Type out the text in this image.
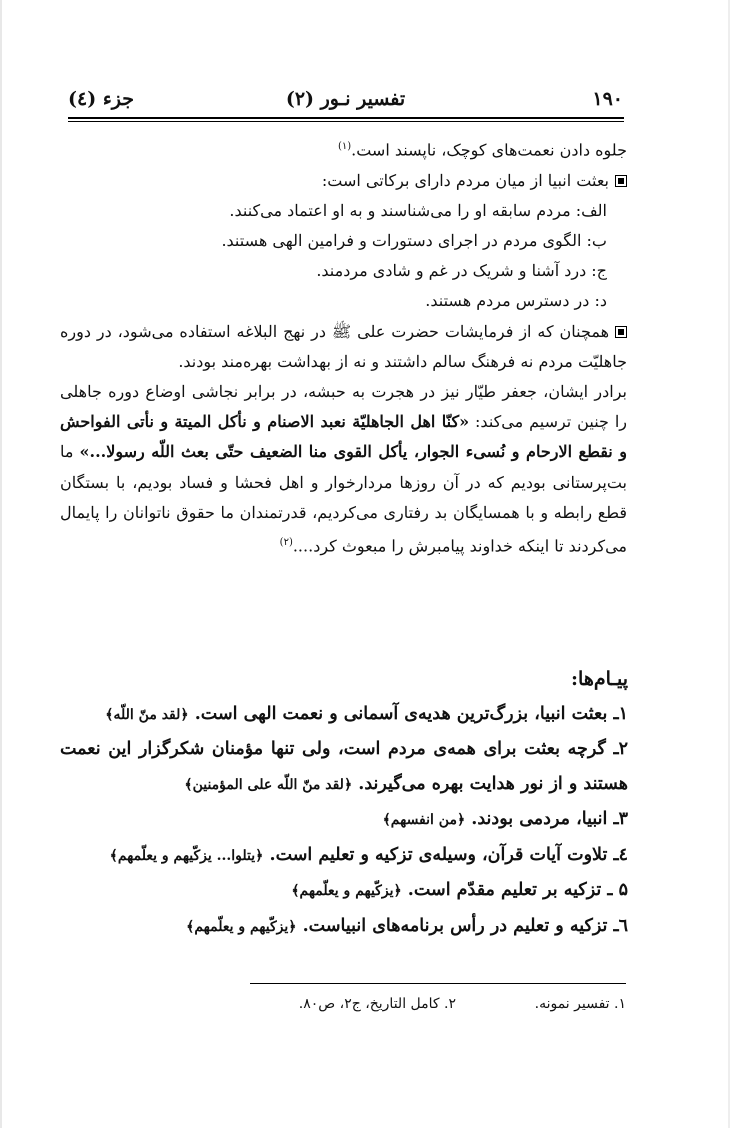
۱۹۰
تفسیر نـور (۲)
جزء (٤)

جلوه دادن نعمت‌های کوچک، ناپسند است.$^{(۱)}$

بعثت انبیا از میان مردم دارای برکاتی است:

الف: مردم سابقه او را می‌شناسند و به او اعتماد می‌کنند.

ب: الگوی مردم در اجرای دستورات و فرامین الهی هستند.

ج: درد آشنا و شریک در غم و شادی مردمند.

د: در دسترس مردم هستند.

همچنان که از فرمایشات حضرت علی ﷺ در نهج البلاغه استفاده می‌شود، در دوره جاهلیّت مردم نه فرهنگ سالم داشتند و نه از بهداشت بهره‌مند بودند.

برادر ایشان، جعفر طیّار نیز در هجرت به حبشه، در برابر نجاشی اوضاع دوره جاهلی را چنین ترسیم می‌کند: «کنّا اهل الجاهلیّة نعبد الاصنام و نأکل المیتة و نأتی الفواحش و نقطع الارحام و نُسیء الجوار، یأکل القوی منا الضعیف حتّی بعث اللّه رسولا...» ما بت‌پرستانی بودیم که در آن روزها مردارخوار و اهل فحشا و فساد بودیم، با بستگان قطع رابطه و با همسایگان بد رفتاری می‌کردیم، قدرتمندان ما حقوق ناتوانان را پایمال می‌کردند تا اینکه خداوند پیامبرش را مبعوث کرد....$^{(۲)}$

پیـام‌ها:

۱ـ بعثت انبیا، بزرگ‌ترین هدیه‌ی آسمانی و نعمت الهی است. ﴿لقد منّ اللّه﴾

۲ـ گرچه بعثت برای همه‌ی مردم است، ولی تنها مؤمنان شکرگزار این نعمت هستند و از نور هدایت بهره می‌گیرند. ﴿لقد منّ اللّه علی المؤمنین﴾

۳ـ انبیا، مردمی بودند. ﴿من انفسهم﴾

٤ـ تلاوت آیات قرآن، وسیله‌ی تزکیه و تعلیم است. ﴿یتلوا... یزکّیهم و یعلّمهم﴾

۵ ـ تزکیه بر تعلیم مقدّم است. ﴿یزکّیهم و یعلّمهم﴾

٦ـ تزکیه و تعلیم در رأس برنامه‌های انبیاست. ﴿یزکّیهم و یعلّمهم﴾

۱. تفسیر نمونه.
۲. کامل التاریخ، ج۲، ص۸۰.
